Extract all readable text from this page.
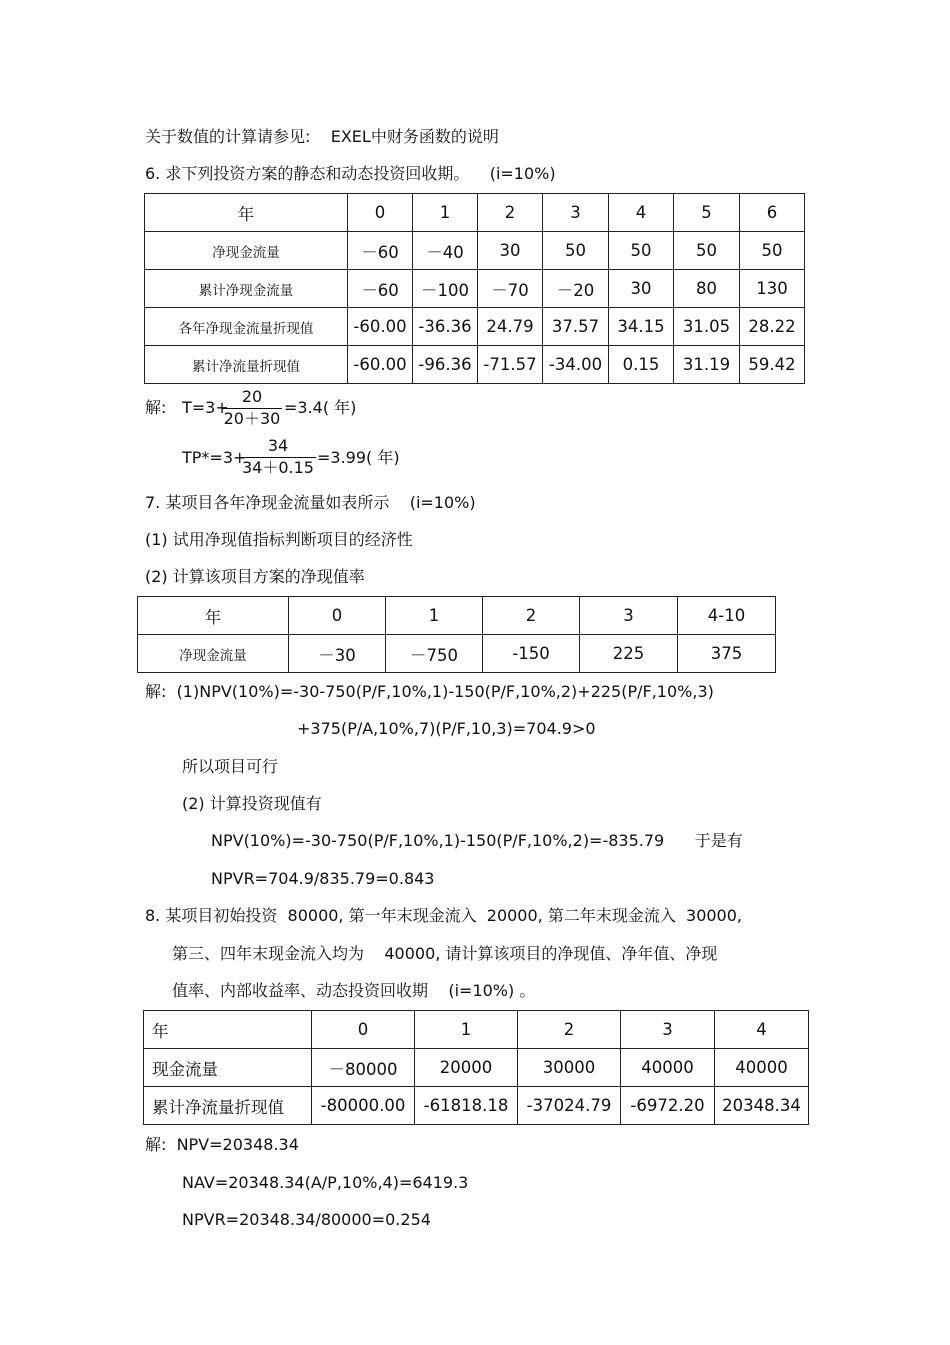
关于数值的计算请参见:    EXEL中财务函数的说明
6. 求下列投资方案的静态和动态投资回收期。    (i=10%)
年	0	1	2	3	4	5	6
净现金流量	－60	－40	30	50	50	50	50
累计净现金流量	－60	－100	－70	－20	30	80	130
各年净现金流量折现值	-60.00	-36.36	24.79	37.57	34.15	31.05	28.22
累计净流量折现值	-60.00	-96.36	-71.57	-34.00	0.15	31.19	59.42
解: T=3+
20
20＋30
=3.4( 年)
TP*=3+
34
34＋0.15
=3.99( 年)
7. 某项目各年净现金流量如表所示    (i=10%)
(1) 试用净现值指标判断项目的经济性
(2) 计算该项目方案的净现值率
年	0	1	2	3	4-10
净现金流量	－30	－750	-150	225	375
解:  (1)NPV(10%)=-30-750(P/F,10%,1)-150(P/F,10%,2)+225(P/F,10%,3)
+375(P/A,10%,7)(P/F,10,3)=704.9>0
所以项目可行
(2) 计算投资现值有
NPV(10%)=-30-750(P/F,10%,1)-150(P/F,10%,2)=-835.79      于是有
NPVR=704.9/835.79=0.843
8. 某项目初始投资  80000, 第一年末现金流入  20000, 第二年末现金流入  30000,
第三、四年末现金流入均为    40000, 请计算该项目的净现值、净年值、净现
值率、内部收益率、动态投资回收期    (i=10%) 。
年	0	1	2	3	4
现金流量	－80000	20000	30000	40000	40000
累计净流量折现值	-80000.00	-61818.18	-37024.79	-6972.20	20348.34
解:  NPV=20348.34
NAV=20348.34(A/P,10%,4)=6419.3
NPVR=20348.34/80000=0.254
